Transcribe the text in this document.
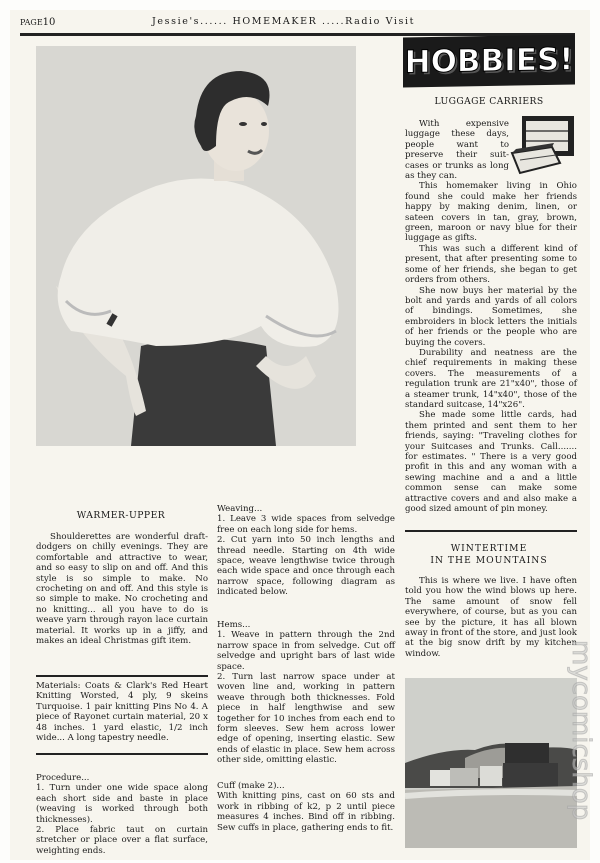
PAGE10	Jessie's...... HOMEMAKER .....Radio Visit
HOBBIES!
LUGGAGE CARRIERS

With expensive luggage these days, people want to preserve their suit-cases or trunks as long as they can.

This homemaker living in Ohio found she could make her friends happy by making denim, linen, or sateen covers in tan, gray, brown, green, maroon or navy blue for their luggage as gifts.

This was such a different kind of present, that after presenting some to some of her friends, she began to get orders from others.

She now buys her material by the bolt and yards and yards of all colors of bindings. Sometimes, she embroiders in block letters the initials of her friends or the people who are buying the covers.

Durability and neatness are the chief requirements in making these covers. The measurements of a regulation trunk are 21"x40", those of a steamer trunk, 14"x40", those of the standard suitcase, 14"x26".

She made some little cards, had them printed and sent them to her friends, saying: "Traveling clothes for your Suitcases and Trunks. Call....... for estimates. " There is a very good profit in this and any woman with a sewing machine and a and a little common sense can make some attractive covers and and also make a good sized amount of pin money.

WINTERTIME
IN THE MOUNTAINS

This is where we live. I have often told you how the wind blows up here. The same amount of snow fell everywhere, of course, but as you can see by the picture, it has all blown away in front of the store, and just look at the big snow drift by my kitchen window.

WARMER-UPPER

Shoulderettes are wonderful draft-dodgers on chilly evenings. They are comfortable and attractive to wear, and so easy to slip on and off. And this style is so simple to make. No crocheting on and off. And this style is so simple to make. No crocheting and no knitting... all you have to do is weave yarn through rayon lace curtain material. It works up in a jiffy, and makes an ideal Christmas gift item.

Materials: Coats & Clark's Red Heart Knitting Worsted, 4 ply, 9 skeins Turquoise. 1 pair knitting Pins No 4. A piece of Rayonet curtain material, 20 x 48 inches. 1 yard elastic, 1/2 inch wide... A long tapestry needle.

Procedure...

1. Turn under one wide space along each short side and baste in place (weaving is worked through both thicknesses).

2. Place fabric taut on curtain stretcher or place over a flat surface, weighting ends.

Weaving...

1. Leave 3 wide spaces from selvedge free on each long side for hems.

2. Cut yarn into 50 inch lengths and thread needle. Starting on 4th wide space, weave lengthwise twice through each wide space and once through each narrow space, following diagram as indicated below.

Hems...

1. Weave in pattern through the 2nd narrow space in from selvedge. Cut off selvedge and upright bars of last wide space.

2. Turn last narrow space under at woven line and, working in pattern weave through both thicknesses. Fold piece in half lengthwise and sew together for 10 inches from each end to form sleeves. Sew hem across lower edge of opening, inserting elastic. Sew ends of elastic in place. Sew hem across other side, omitting elastic.

Cuff (make 2)...

With knitting pins, cast on 60 sts and work in ribbing of k2, p 2 until piece measures 4 inches. Bind off in ribbing. Sew cuffs in place, gathering ends to fit.

mycomicshop
